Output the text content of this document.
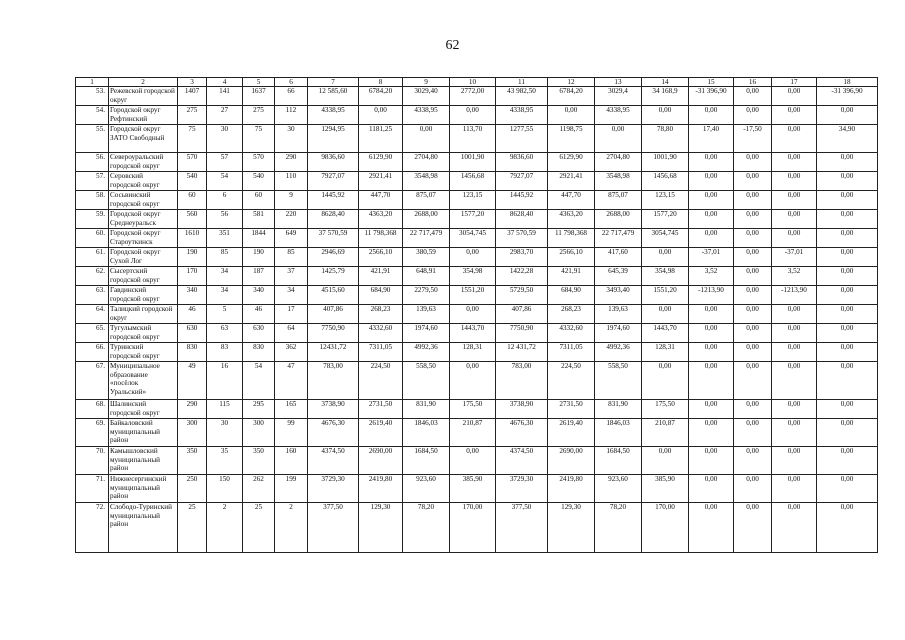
62
1	2	3	4	5	6	7	8	9	10	11	12	13	14	15	16	17	18
53.	Режевской городской округ	1407	141	1637	66	12 585,60	6784,20	3029,40	2772,00	43 982,50	6784,20	3029,4	34 168,9	-31 396,90	0,00	0,00	-31 396,90
54.	Городской округ Рефтинский	275	27	275	112	4338,95	0,00	4338,95	0,00	4338,95	0,00	4338,95	0,00	0,00	0,00	0,00	0,00
55.	Городской округ ЗАТО Свободный	75	30	75	30	1294,95	1181,25	0,00	113,70	1277,55	1198,75	0,00	78,80	17,40	-17,50	0,00	34,90
56.	Североуральский городской округ	570	57	570	290	9836,60	6129,90	2704,80	1001,90	9836,60	6129,90	2704,80	1001,90	0,00	0,00	0,00	0,00
57.	Серовский городской округ	540	54	540	110	7927,07	2921,41	3548,98	1456,68	7927,07	2921,41	3548,98	1456,68	0,00	0,00	0,00	0,00
58.	Сосьвинский городской округ	60	6	60	9	1445,92	447,70	875,07	123,15	1445,92	447,70	875,07	123,15	0,00	0,00	0,00	0,00
59.	Городской округ Среднеуральск	560	56	581	220	8628,40	4363,20	2688,00	1577,20	8628,40	4363,20	2688,00	1577,20	0,00	0,00	0,00	0,00
60.	Городской округ Староуткинск	1610	351	1844	649	37 570,59	11 798,368	22 717,479	3054,745	37 570,59	11 798,368	22 717,479	3054,745	0,00	0,00	0,00	0,00
61.	Городской округ Сухой Лог	190	85	190	85	2946,69	2566,10	380,59	0,00	2983,70	2566,10	417,60	0,00	-37,01	0,00	-37,01	0,00
62.	Сысертский городской округ	170	34	187	37	1425,79	421,91	648,91	354,98	1422,28	421,91	645,39	354,98	3,52	0,00	3,52	0,00
63.	Гавдинский городской округ	340	34	340	34	4515,60	684,90	2279,50	1551,20	5729,50	684,90	3493,40	1551,20	-1213,90	0,00	-1213,90	0,00
64.	Талицкий городской округ	46	5	46	17	407,86	268,23	139,63	0,00	407,86	268,23	139,63	0,00	0,00	0,00	0,00	0,00
65.	Тугулымский городской округ	630	63	630	64	7750,90	4332,60	1974,60	1443,70	7750,90	4332,60	1974,60	1443,70	0,00	0,00	0,00	0,00
66.	Туринский городской округ	830	83	830	362	12431,72	7311,05	4992,36	128,31	12 431,72	7311,05	4992,36	128,31	0,00	0,00	0,00	0,00
67.	Муниципальное образование «посёлок Уральский»	49	16	54	47	783,00	224,50	558,50	0,00	783,00	224,50	558,50	0,00	0,00	0,00	0,00	0,00
68.	Шалинский городской округ	290	115	295	165	3738,90	2731,50	831,90	175,50	3738,90	2731,50	831,90	175,50	0,00	0,00	0,00	0,00
69.	Байкаловский муниципальный район	300	30	300	99	4676,30	2619,40	1846,03	210,87	4676,30	2619,40	1846,03	210,87	0,00	0,00	0,00	0,00
70.	Камышловский муниципальный район	350	35	350	160	4374,50	2690,00	1684,50	0,00	4374,50	2690,00	1684,50	0,00	0,00	0,00	0,00	0,00
71.	Нижнесергинский муниципальный район	250	150	262	199	3729,30	2419,80	923,60	385,90	3729,30	2419,80	923,60	385,90	0,00	0,00	0,00	0,00
72.	Слободо-Туринский муниципальный район	25	2	25	2	377,50	129,30	78,20	170,00	377,50	129,30	78,20	170,00	0,00	0,00	0,00	0,00
